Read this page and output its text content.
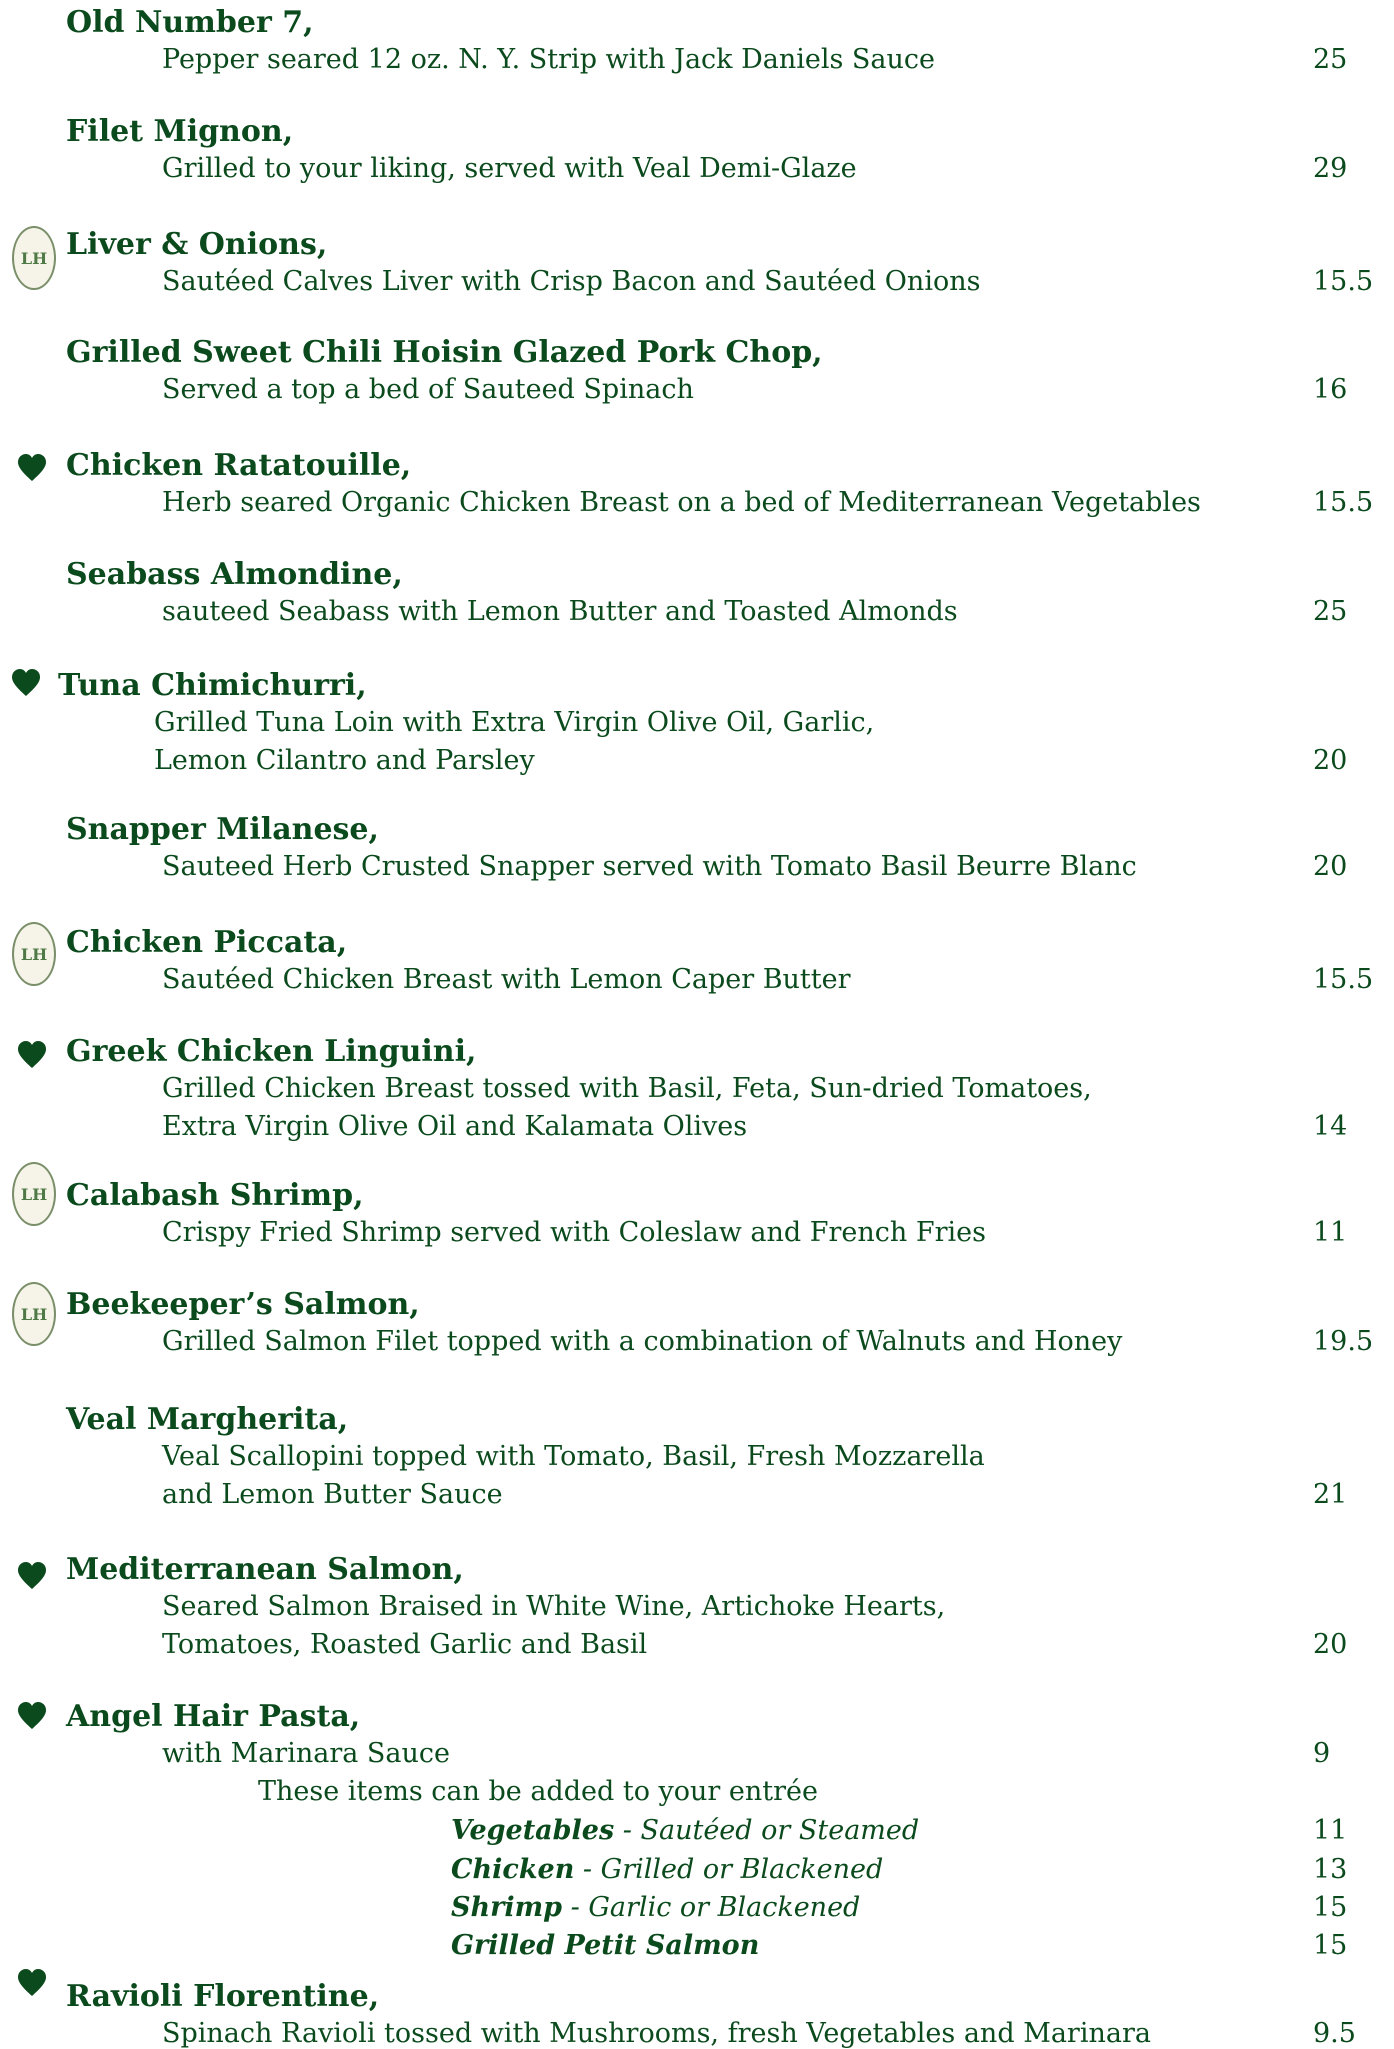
Old Number 7,
Pepper seared 12 oz. N. Y. Strip with Jack Daniels Sauce	25
Filet Mignon,
Grilled to your liking, served with Veal Demi-Glaze	29
Liver & Onions,
Sautéed Calves Liver with Crisp Bacon and Sautéed Onions	15.5
LH
Grilled Sweet Chili Hoisin Glazed Pork Chop,
Served a top a bed of Sauteed Spinach	16
Chicken Ratatouille,
Herb seared Organic Chicken Breast on a bed of Mediterranean Vegetables	15.5
Seabass Almondine,
sauteed Seabass with Lemon Butter and Toasted Almonds	25
Tuna Chimichurri,
Grilled Tuna Loin with Extra Virgin Olive Oil, Garlic,
Lemon Cilantro and Parsley	20
Snapper Milanese,
Sauteed Herb Crusted Snapper served with Tomato Basil Beurre Blanc	20
Chicken Piccata,
Sautéed Chicken Breast with Lemon Caper Butter	15.5
LH
Greek Chicken Linguini,
Grilled Chicken Breast tossed with Basil, Feta, Sun-dried Tomatoes,
Extra Virgin Olive Oil and Kalamata Olives	14
Calabash Shrimp,
Crispy Fried Shrimp served with Coleslaw and French Fries	11
LH
Beekeeper’s Salmon,
Grilled Salmon Filet topped with a combination of Walnuts and Honey	19.5
LH
Veal Margherita,
Veal Scallopini topped with Tomato, Basil, Fresh Mozzarella
and Lemon Butter Sauce	21
Mediterranean Salmon,
Seared Salmon Braised in White Wine, Artichoke Hearts,
Tomatoes, Roasted Garlic and Basil	20
Angel Hair Pasta,
with Marinara Sauce	9
Ravioli Florentine,
Spinach Ravioli tossed with Mushrooms, fresh Vegetables and Marinara	9.5
These items can be added to your entrée
Vegetables - Sautéed or Steamed	11
Chicken - Grilled or Blackened	13
Shrimp - Garlic or Blackened	15
Grilled Petit Salmon	15
